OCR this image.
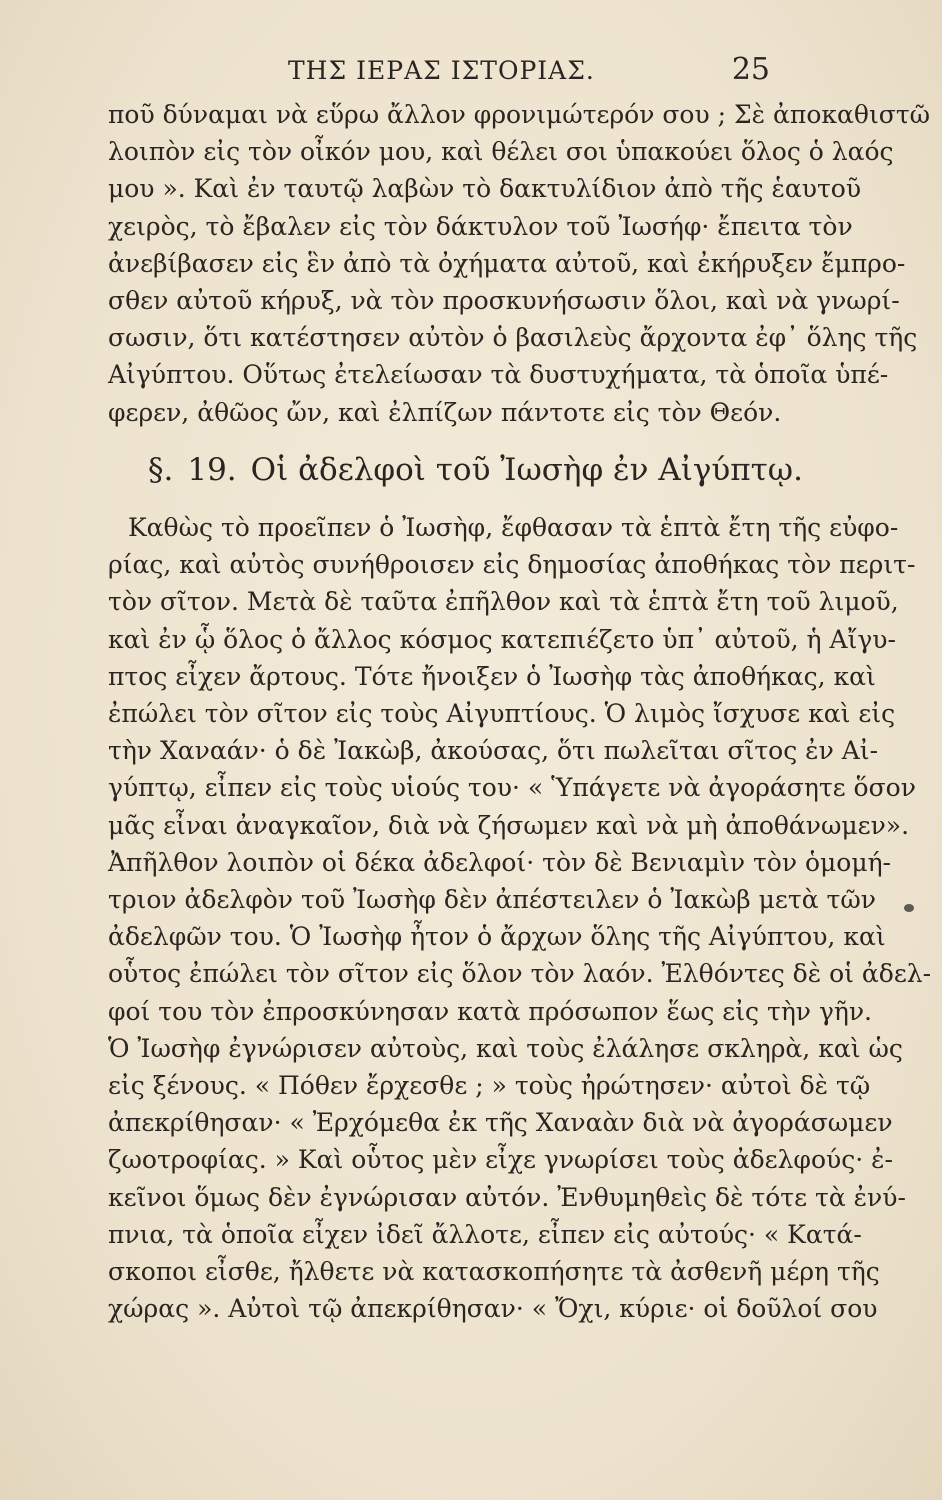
ΤΗΣ ΙΕΡΑΣ ΙΣΤΟΡΙΑΣ.	25
ποῦ δύναμαι νὰ εὕρω ἄλλον φρονιμώτερόν σου ; Σὲ ἀποκαθιστῶ
λοιπὸν εἰς τὸν οἶκόν μου, καὶ θέλει σοι ὑπακούει ὅλος ὁ λαός
μου ». Καὶ ἐν ταυτῷ λαβὼν τὸ δακτυλίδιον ἀπὸ τῆς ἑαυτοῦ
χειρὸς, τὸ ἔβαλεν εἰς τὸν δάκτυλον τοῦ Ἰωσήφ· ἔπειτα τὸν
ἀνεβίβασεν εἰς ἓν ἀπὸ τὰ ὀχήματα αὐτοῦ, καὶ ἐκήρυξεν ἔμπρο-
σθεν αὐτοῦ κήρυξ, νὰ τὸν προσκυνήσωσιν ὅλοι, καὶ νὰ γνωρί-
σωσιν, ὅτι κατέστησεν αὐτὸν ὁ βασιλεὺς ἄρχοντα ἐφ᾽ ὅλης τῆς
Αἰγύπτου. Οὕτως ἐτελείωσαν τὰ δυστυχήματα, τὰ ὁποῖα ὑπέ-
φερεν, ἀθῶος ὤν, καὶ ἐλπίζων πάντοτε εἰς τὸν Θεόν.
§. 19. Οἱ ἀδελφοὶ τοῦ Ἰωσὴφ ἐν Αἰγύπτῳ.
Καθὼς τὸ προεῖπεν ὁ Ἰωσὴφ, ἔφθασαν τὰ ἑπτὰ ἔτη τῆς εὐφο-
ρίας, καὶ αὐτὸς συνήθροισεν εἰς δημοσίας ἀποθήκας τὸν περιτ-
τὸν σῖτον. Μετὰ δὲ ταῦτα ἐπῆλθον καὶ τὰ ἑπτὰ ἔτη τοῦ λιμοῦ,
καὶ ἐν ᾧ ὅλος ὁ ἄλλος κόσμος κατεπιέζετο ὑπ᾽ αὐτοῦ, ἡ Αἴγυ-
πτος εἶχεν ἄρτους. Τότε ἤνοιξεν ὁ Ἰωσὴφ τὰς ἀποθήκας, καὶ
ἐπώλει τὸν σῖτον εἰς τοὺς Αἰγυπτίους. Ὁ λιμὸς ἴσχυσε καὶ εἰς
τὴν Χαναάν· ὁ δὲ Ἰακὼβ, ἀκούσας, ὅτι πωλεῖται σῖτος ἐν Αἰ-
γύπτῳ, εἶπεν εἰς τοὺς υἱούς του· « Ὑπάγετε νὰ ἀγοράσητε ὅσον
μᾶς εἶναι ἀναγκαῖον, διὰ νὰ ζήσωμεν καὶ νὰ μὴ ἀποθάνωμεν».
Ἀπῆλθον λοιπὸν οἱ δέκα ἀδελφοί· τὸν δὲ Βενιαμὶν τὸν ὁμομή-
τριον ἀδελφὸν τοῦ Ἰωσὴφ δὲν ἀπέστειλεν ὁ Ἰακὼβ μετὰ τῶν
ἀδελφῶν του. Ὁ Ἰωσὴφ ἦτον ὁ ἄρχων ὅλης τῆς Αἰγύπτου, καὶ
οὗτος ἐπώλει τὸν σῖτον εἰς ὅλον τὸν λαόν. Ἐλθόντες δὲ οἱ ἀδελ-
φοί του τὸν ἐπροσκύνησαν κατὰ πρόσωπον ἕως εἰς τὴν γῆν.
Ὁ Ἰωσὴφ ἐγνώρισεν αὐτοὺς, καὶ τοὺς ἐλάλησε σκληρὰ, καὶ ὡς
εἰς ξένους. « Πόθεν ἔρχεσθε ; » τοὺς ἠρώτησεν· αὐτοὶ δὲ τῷ
ἀπεκρίθησαν· « Ἐρχόμεθα ἐκ τῆς Χαναὰν διὰ νὰ ἀγοράσωμεν
ζωοτροφίας. » Καὶ οὗτος μὲν εἶχε γνωρίσει τοὺς ἀδελφούς· ἐ-
κεῖνοι ὅμως δὲν ἐγνώρισαν αὐτόν. Ἐνθυμηθεὶς δὲ τότε τὰ ἐνύ-
πνια, τὰ ὁποῖα εἶχεν ἰδεῖ ἄλλοτε, εἶπεν εἰς αὐτούς· « Κατά-
σκοποι εἶσθε, ἤλθετε νὰ κατασκοπήσητε τὰ ἀσθενῆ μέρη τῆς
χώρας ». Αὐτοὶ τῷ ἀπεκρίθησαν· « Ὄχι, κύριε· οἱ δοῦλοί σου
